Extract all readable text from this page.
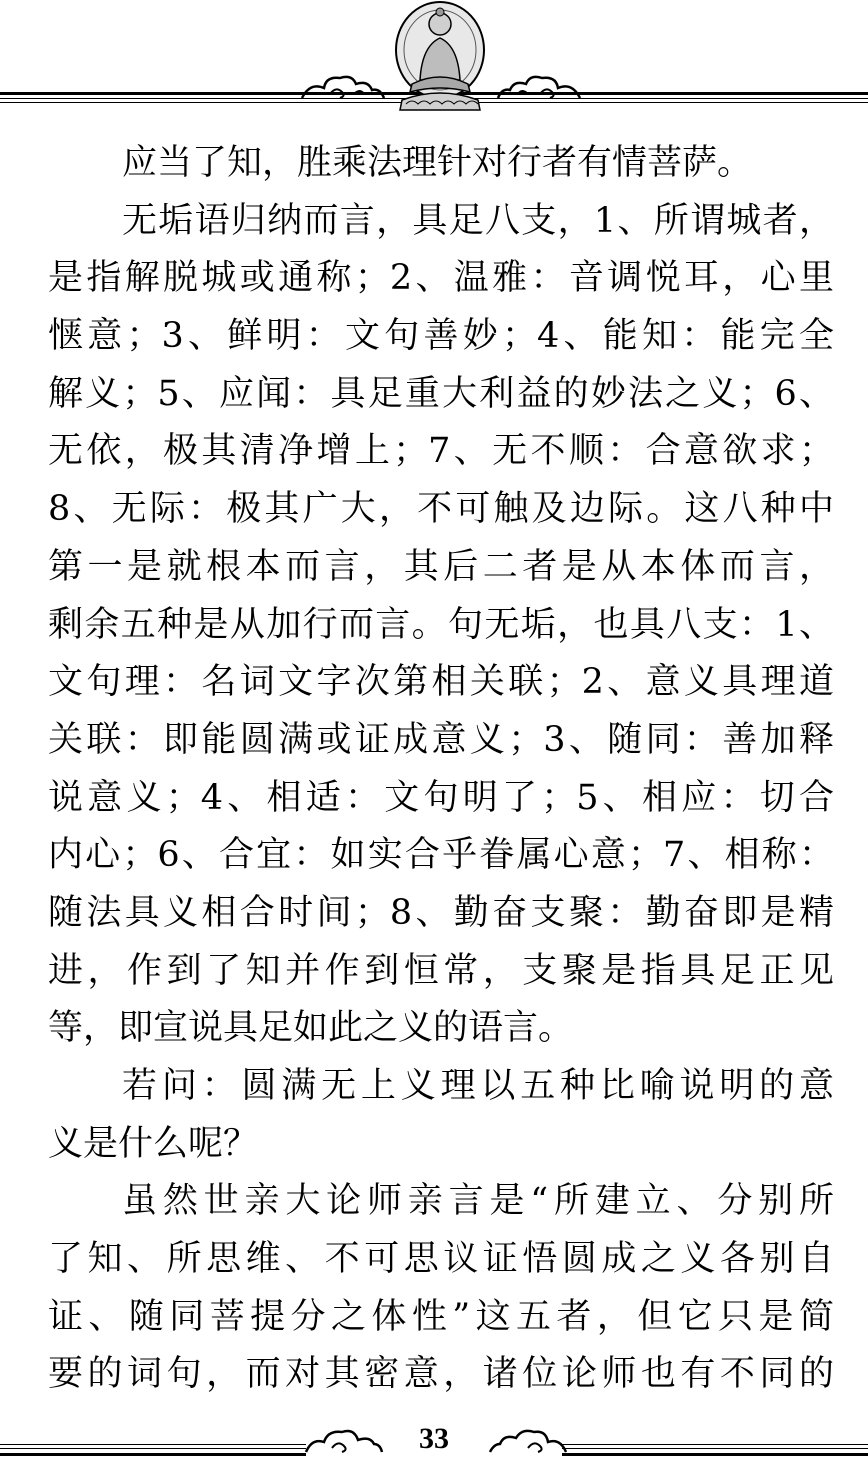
应当了知，胜乘法理针对行者有情菩萨。
无垢语归纳而言，具足八支，1、所谓城者，
是指解脱城或通称；2、温雅：音调悦耳，心里
惬意；3、鲜明：文句善妙；4、能知：能完全
解义；5、应闻：具足重大利益的妙法之义；6、
无依，极其清净增上；7、无不顺：合意欲求；
8、无际：极其广大，不可触及边际。这八种中
第一是就根本而言，其后二者是从本体而言，
剩余五种是从加行而言。句无垢，也具八支：1、
文句理：名词文字次第相关联；2、意义具理道
关联：即能圆满或证成意义；3、随同：善加释
说意义；4、相适：文句明了；5、相应：切合
内心；6、合宜：如实合乎眷属心意；7、相称：
随法具义相合时间；8、勤奋支聚：勤奋即是精
进，作到了知并作到恒常，支聚是指具足正见
等，即宣说具足如此之义的语言。
若问：圆满无上义理以五种比喻说明的意
义是什么呢？
虽然世亲大论师亲言是“所建立、分别所
了知、所思维、不可思议证悟圆成之义各别自
证、随同菩提分之体性”这五者，但它只是简
要的词句，而对其密意，诸位论师也有不同的
33
